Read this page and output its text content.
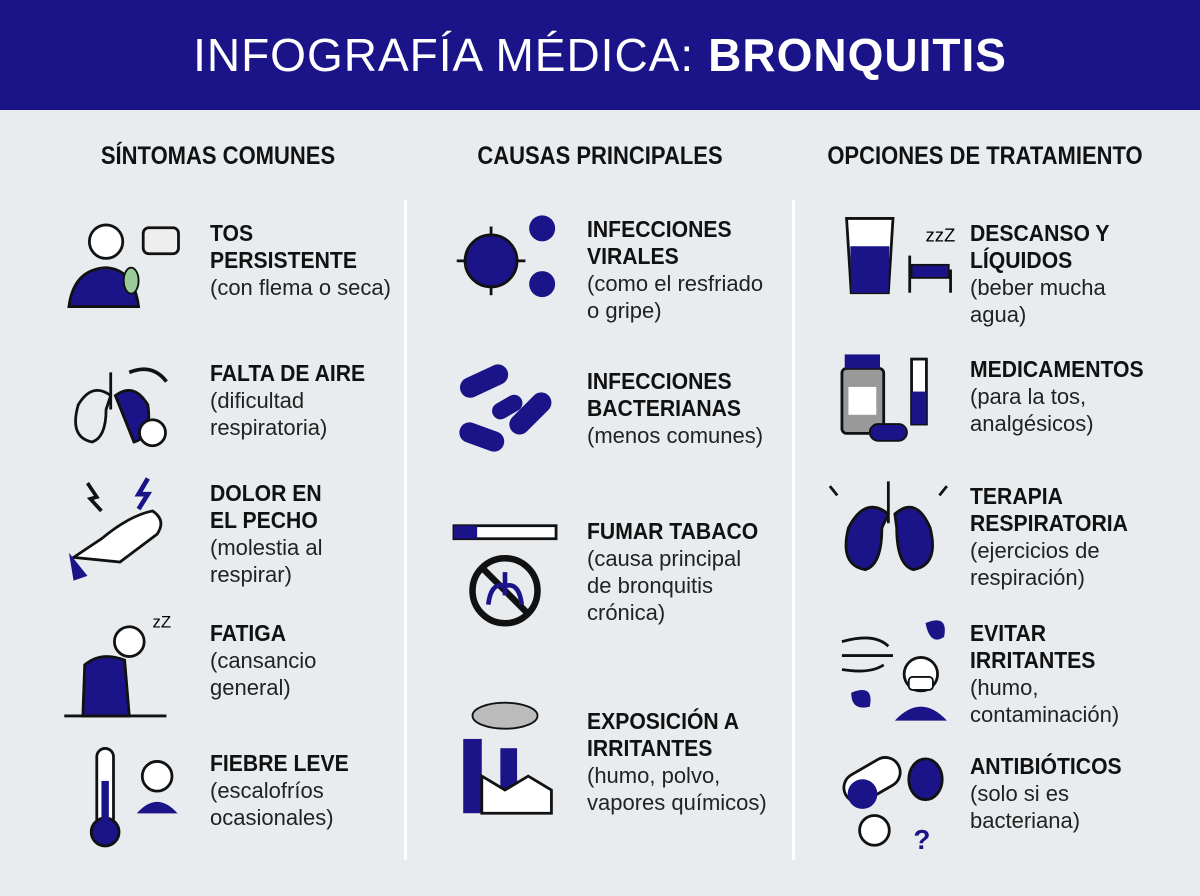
INFOGRAFÍA MÉDICA: BRONQUITIS
SÍNTOMAS COMUNES	CAUSAS PRINCIPALES	OPCIONES DE TRATAMIENTO
TOS
PERSISTENTE
(con flema o seca)
FALTA DE AIRE
(dificultad
respiratoria)
DOLOR EN
EL PECHO
(molestia al
respirar)
zZ FATIGA
(cansancio
general)
FIEBRE LEVE
(escalofríos
ocasionales)
INFECCIONES
VIRALES
(como el resfriado
o gripe)
INFECCIONES
BACTERIANAS
(menos comunes)
FUMAR TABACO
(causa principal
de bronquitis
crónica)
EXPOSICIÓN A
IRRITANTES
(humo, polvo,
vapores químicos)
zzZ DESCANSO Y
LÍQUIDOS
(beber mucha
agua)
MEDICAMENTOS
(para la tos,
analgésicos)
TERAPIA
RESPIRATORIA
(ejercicios de
respiración)
EVITAR
IRRITANTES
(humo,
contaminación)
?
ANTIBIÓTICOS
(solo si es
bacteriana)
